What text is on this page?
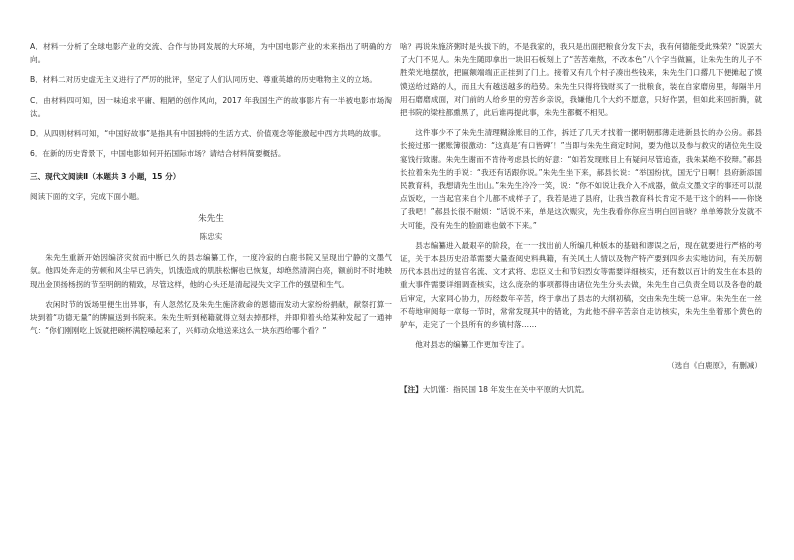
A．材料一分析了全球电影产业的交流、合作与协同发展的大环境，为中国电影产业的未来指出了明确的方向。

B．材料二对历史虚无主义进行了严厉的批评，坚定了人们认同历史、尊重英雄的历史唯物主义的立场。

C．由材料四可知，因一味追求平庸、粗陋的创作风向，2017 年我国生产的故事影片有一半被电影市场淘汰。

D．从四则材料可知，“中国好故事”是指具有中国独特的生活方式、价值观念等能激起中西方共鸣的故事。

6．在新的历史背景下，中国电影如何开拓国际市场？请结合材料简要概括。

三、现代文阅读Ⅱ（本题共 3 小题，15 分）

阅读下面的文字，完成下面小题。

朱先生
陈忠实

朱先生重新开始因编济灾贫而中断已久的县志编纂工作，一度冷寂的白鹿书院又呈现出宁静的文墨气氛。他四处奔走的劳顿和风尘早已消失，饥饿造成的肌肤松懈也已恢复，却绝然清润白亮，额前时不时地映现出金顶扬杨拐的节至明朗的精致，尽管这样，他的心头还是清起浸失文字工作的强望和生气。

农闲时节的饭场里便生出异事，有人忽然忆及朱先生施济救命的恩德而发动大家纷纷捐献，献祭打算一块到着“功德无量”的牌匾送到书院来。朱先生听到秘籍就得立刻去掉那样，并即仰着头给某种发起了一通神气：“你们刚刚吃上饭就把碗杯满腔嗓起来了，兴师动众地送来这么一块东西给哪个看？”

啥？再说朱施济粥时是头拔下的，不是我家的，我只是出面把粮食分发下去，我有何德能受此殊荣？”说罢大了大门不见人。朱先生随即拿出一块旧石板刻上了“苦苦难熬，不改本色”八个字当做匾，让朱先生的儿子不胜荣光地摆放，把匾额端端正正挂到了门上。接着又有几个村子凑出些钱来，朱先生门口撂几下便摊起了馍馍送给过路的人，而且大有越送越多的趋势。朱先生只得将钱财买了一批粮食，装在自家磨房里，每隔半月用石磨磨成面，对门前的人给乡里的穷苦乡亲说，我嫌他几个大约不愿意，只好作罢，但如此来回折腾，就把书院的梁柱都熏黑了，此后谁再提此事，朱先生都概不相见。

这件事少不了朱先生清理糊涂账目的工作，拆迁了几天才找着一摞明朝那薄走进新县长的办公房。郝县长接过那一摞账簿很激动：“这真是‘有口皆碑’！”当即与朱先生商定时间，要为他以及参与救灾的诸位先生设宴饯行致谢。朱先生谢而不肯待考虑县长的好意：“如若发现账目上有疑问尽管追查，我朱某绝不狡辩。”郝县长拉着朱先生的手说：“我还有话跟你说。”朱先生坐下来，郝县长说：“举国纷扰，国无宁日啊！县府新添国民教育科，我想请先生出山。”朱先生冷冷一笑，说：“你不如说让我介入不成器，做点文墨文字的事还可以混点饭吃，一当起官来自个儿都不成样子了，我若是进了县府，让我当教育科长肯定不是干这个的料——你饶了我吧！”郝县长很不耐烦：“话说不来，单是这次赈灾，先生我看你你应当明白回旨晓？单单筹款分发就不大可能，没有先生的脸面谁也做不下来。”

县志编纂进入最艰辛的阶段，在一一找出前人所编几种版本的基础和谬误之后，现在就要进行严格的考证，关于本县历史沿革需要大量查阅史料典籍，有关风土人情以及物产特产要到四乡去实地访问，有关历朝历代本县出过的显官名流、文才武将、忠臣义士和节妇烈女等需要详细核实，还有数以百计的发生在本县的重大事件需要详细调查核实，这么庞杂的事项都得由诸位先生分头去做，朱先生自己负责全局以及各卷的最后审定，大家同心协力，历经数年辛苦，终于拿出了县志的大纲初稿，交由朱先生统一总审。朱先生在一丝不苟地审阅每一章每一节时，常常发现其中的错讹，为此他不辞辛苦亲自走访核实，朱先生坐着那个黄色的驴车，走完了一个县所有的乡镇村落……

他对县志的编纂工作更加专注了。

（选自《白鹿原》，有删减）
【注】大饥馑：指民国 18 年发生在关中平原的大饥荒。
